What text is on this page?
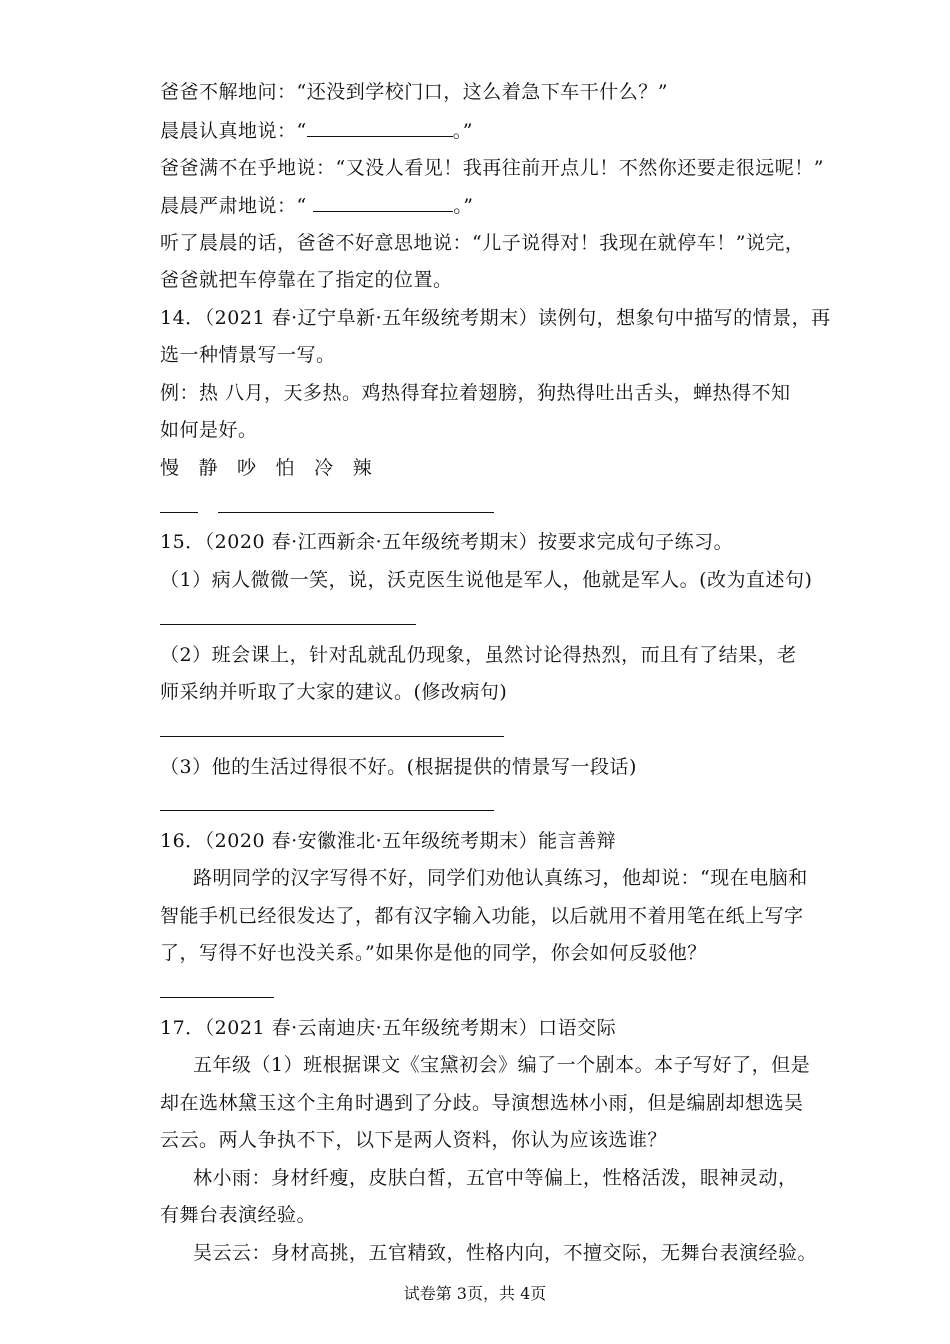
爸爸不解地问：“还没到学校门口，这么着急下车干什么？”
晨晨认真地说：“	。”
爸爸满不在乎地说：“又没人看见！我再往前开点儿！不然你还要走很远呢！”
晨晨严肃地说：“	。”
听了晨晨的话，爸爸不好意思地说：“儿子说得对！我现在就停车！”说完，
爸爸就把车停靠在了指定的位置。
14．（2021 春·辽宁阜新·五年级统考期末）读例句，想象句中描写的情景，再
选一种情景写一写。
例：热 八月，天多热。鸡热得耷拉着翅膀，狗热得吐出舌头，蝉热得不知
如何是好。
慢 静 吵 怕 冷 辣
15．（2020 春·江西新余·五年级统考期末）按要求完成句子练习。
（1）病人微微一笑，说，沃克医生说他是军人，他就是军人。(改为直述句)
（2）班会课上，针对乱就乱仍现象，虽然讨论得热烈，而且有了结果，老
师采纳并听取了大家的建议。(修改病句)
（3）他的生活过得很不好。(根据提供的情景写一段话)
16．（2020 春·安徽淮北·五年级统考期末）能言善辩
路明同学的汉字写得不好，同学们劝他认真练习，他却说：“现在电脑和
智能手机已经很发达了，都有汉字输入功能，以后就用不着用笔在纸上写字
了，写得不好也没关系。”如果你是他的同学，你会如何反驳他？
17．（2021 春·云南迪庆·五年级统考期末）口语交际
五年级（1）班根据课文《宝黛初会》编了一个剧本。本子写好了，但是
却在选林黛玉这个主角时遇到了分歧。导演想选林小雨，但是编剧却想选吴
云云。两人争执不下，以下是两人资料，你认为应该选谁？
林小雨：身材纤瘦，皮肤白皙，五官中等偏上，性格活泼，眼神灵动，
有舞台表演经验。
吴云云：身材高挑，五官精致，性格内向，不擅交际，无舞台表演经验。
试卷第 3页，共 4页
